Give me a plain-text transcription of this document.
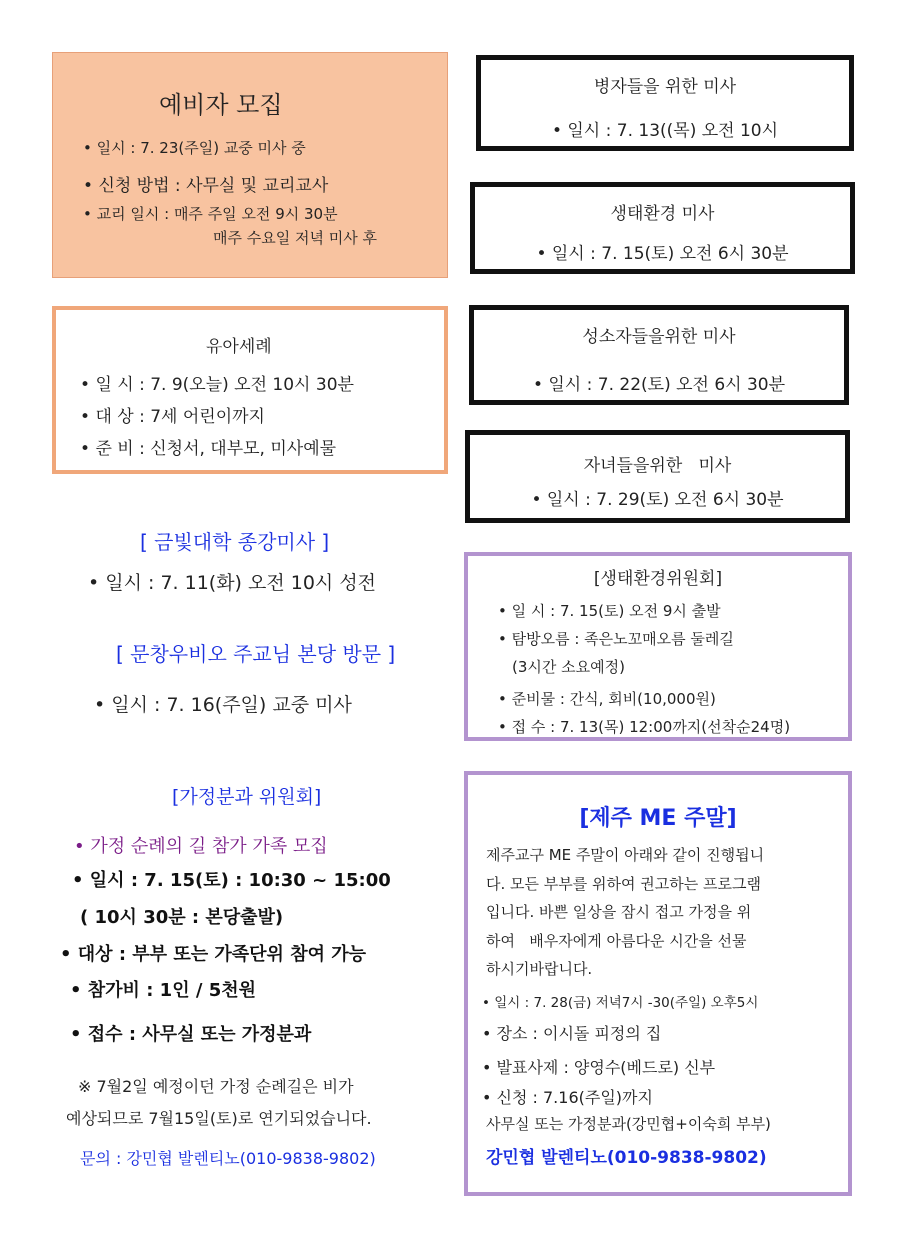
예비자 모집
• 일시 : 7. 23(주일) 교중 미사 중
• 신청 방법 : 사무실 및 교리교사
• 교리 일시 : 매주 주일 오전 9시 30분
매주 수요일 저녁 미사 후
유아세례
• 일 시 : 7. 9(오늘) 오전 10시 30분
• 대 상 : 7세 어린이까지
• 준 비 : 신청서, 대부모, 미사예물
병자들을 위한 미사
• 일시 : 7. 13((목) 오전 10시
생태환경 미사
• 일시 : 7. 15(토) 오전 6시 30분
성소자들을위한 미사
• 일시 : 7. 22(토) 오전 6시 30분
자녀들을위한   미사
• 일시 : 7. 29(토) 오전 6시 30분
[ 금빛대학 종강미사 ]
• 일시 : 7. 11(화) 오전 10시 성전
[ 문창우비오 주교님 본당 방문 ]
• 일시 : 7. 16(주일) 교중 미사
[생태환경위원회]
• 일 시 : 7. 15(토) 오전 9시 출발
• 탐방오름 : 족은노꼬매오름 둘레길
(3시간 소요예정)
• 준비물 : 간식, 회비(10,000원)
• 접 수 : 7. 13(목) 12:00까지(선착순24명)
[가정분과 위원회]
• 가정 순례의 길 참가 가족 모집
• 일시 : 7. 15(토) : 10:30 ~ 15:00
( 10시 30분 : 본당출발)
• 대상 : 부부 또는 가족단위 참여 가능
• 참가비 : 1인 / 5천원
• 접수 : 사무실 또는 가정분과
※ 7월2일 예정이던 가정 순례길은 비가
예상되므로 7월15일(토)로 연기되었습니다.
문의 : 강민협 발렌티노(010-9838-9802)
[제주 ME 주말]
제주교구 ME 주말이 아래와 같이 진행됩니
다. 모든 부부를 위하여 권고하는 프로그램
입니다. 바쁜 일상을 잠시 접고 가정을 위
하여   배우자에게 아름다운 시간을 선물
하시기바랍니다.
• 일시 : 7. 28(금) 저녁7시 -30(주일) 오후5시
• 장소 : 이시돌 피정의 집
• 발표사제 : 양영수(베드로) 신부
• 신청 : 7.16(주일)까지
사무실 또는 가정분과(강민협+이숙희 부부)
강민협 발렌티노(010-9838-9802)
